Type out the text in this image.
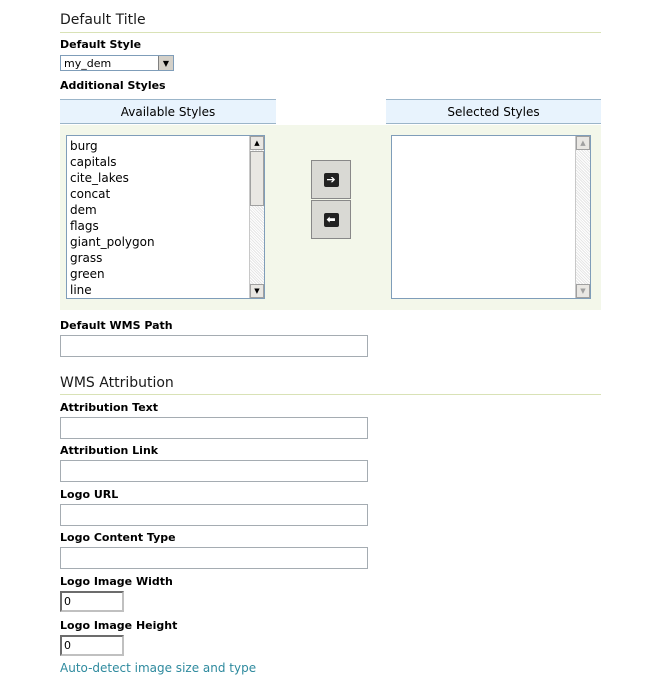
Default Title
Default Style
my_dem	▼
Additional Styles
Available Styles	Selected Styles
burg
capitals
cite_lakes
concat
dem
flags
giant_polygon
grass
green
line
▲
▼
➔
⬅
▲
▼
Default WMS Path
WMS Attribution
Attribution Text
Attribution Link
Logo URL
Logo Content Type
Logo Image Width
0
Logo Image Height
0
Auto-detect image size and type
